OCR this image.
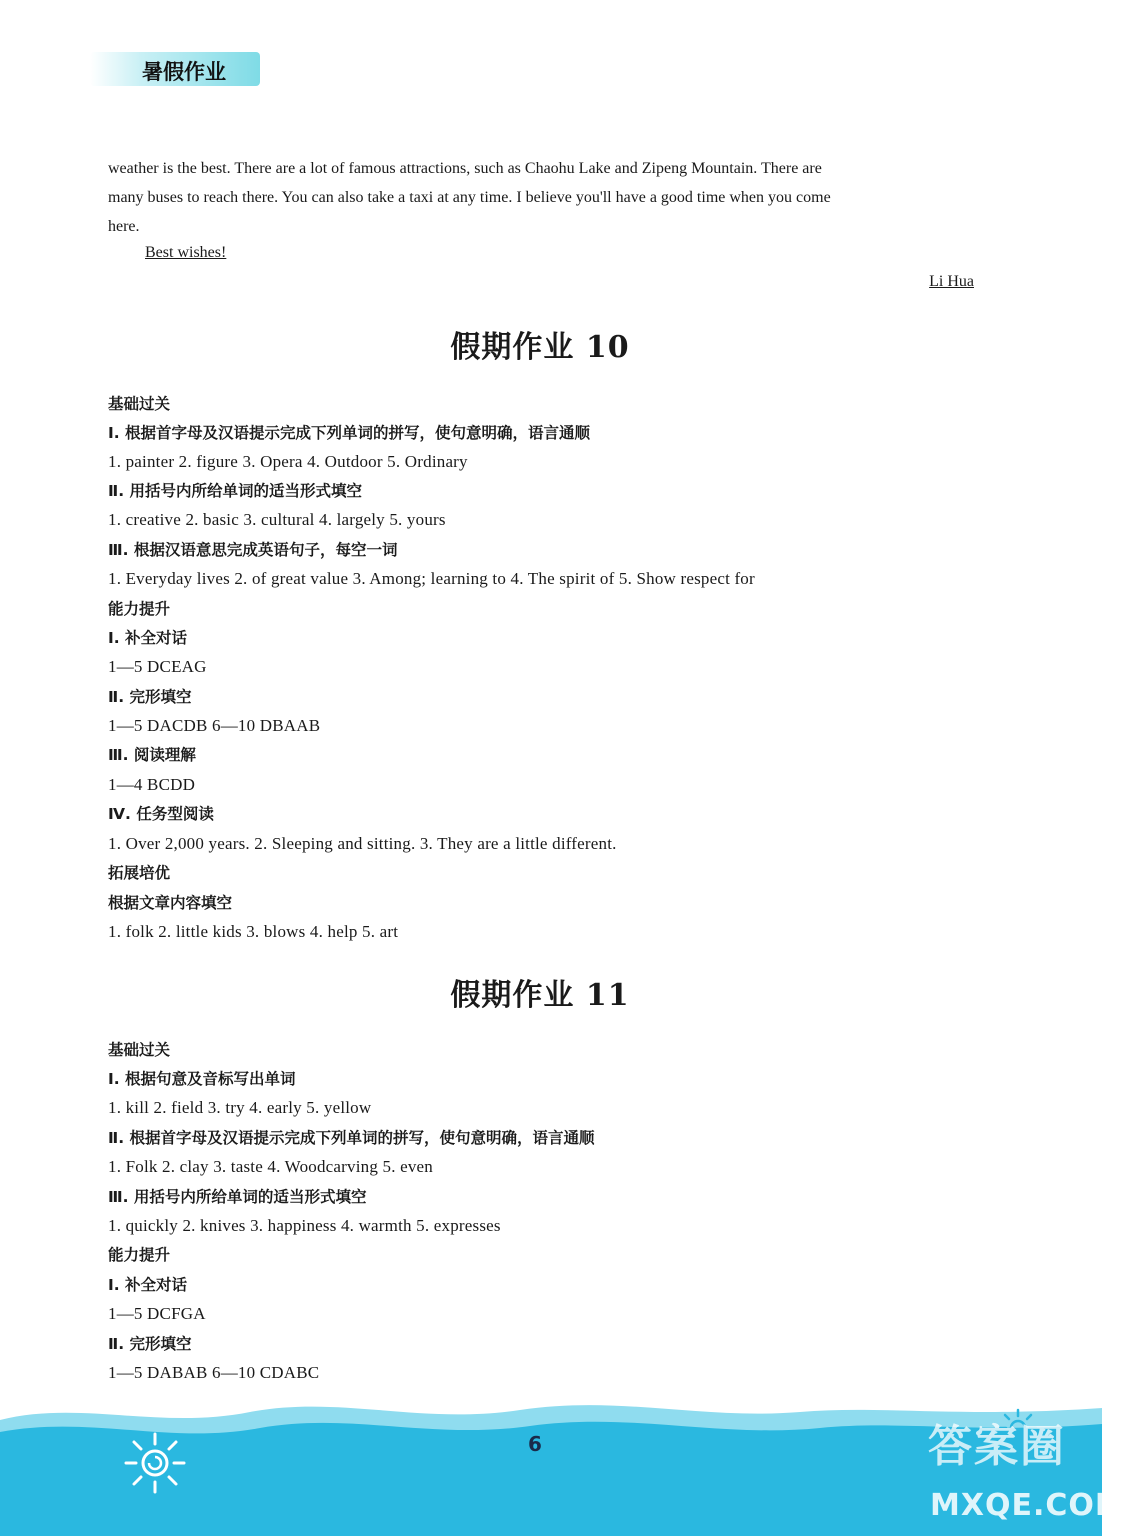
暑假作业
weather is the best. There are a lot of famous attractions, such as Chaohu Lake and Zipeng Mountain. There are
many buses to reach there. You can also take a taxi at any time. I believe you'll have a good time when you come
here.
Best wishes!
Li Hua
假期作业 10
基础过关
Ⅰ. 根据首字母及汉语提示完成下列单词的拼写，使句意明确，语言通顺
1. painter 2. figure 3. Opera 4. Outdoor 5. Ordinary
Ⅱ. 用括号内所给单词的适当形式填空
1. creative 2. basic 3. cultural 4. largely 5. yours
Ⅲ. 根据汉语意思完成英语句子，每空一词
1. Everyday lives 2. of great value 3. Among; learning to 4. The spirit of 5. Show respect for
能力提升
Ⅰ. 补全对话
1—5 DCEAG
Ⅱ. 完形填空
1—5 DACDB 6—10 DBAAB
Ⅲ. 阅读理解
1—4 BCDD
Ⅳ. 任务型阅读
1. Over 2,000 years. 2. Sleeping and sitting. 3. They are a little different.
拓展培优
根据文章内容填空
1. folk 2. little kids 3. blows 4. help 5. art
假期作业 11
基础过关
Ⅰ. 根据句意及音标写出单词
1. kill 2. field 3. try 4. early 5. yellow
Ⅱ. 根据首字母及汉语提示完成下列单词的拼写，使句意明确，语言通顺
1. Folk 2. clay 3. taste 4. Woodcarving 5. even
Ⅲ. 用括号内所给单词的适当形式填空
1. quickly 2. knives 3. happiness 4. warmth 5. expresses
能力提升
Ⅰ. 补全对话
1—5 DCFGA
Ⅱ. 完形填空
1—5 DABAB 6—10 CDABC
6	答案圈
MXQE.COM
